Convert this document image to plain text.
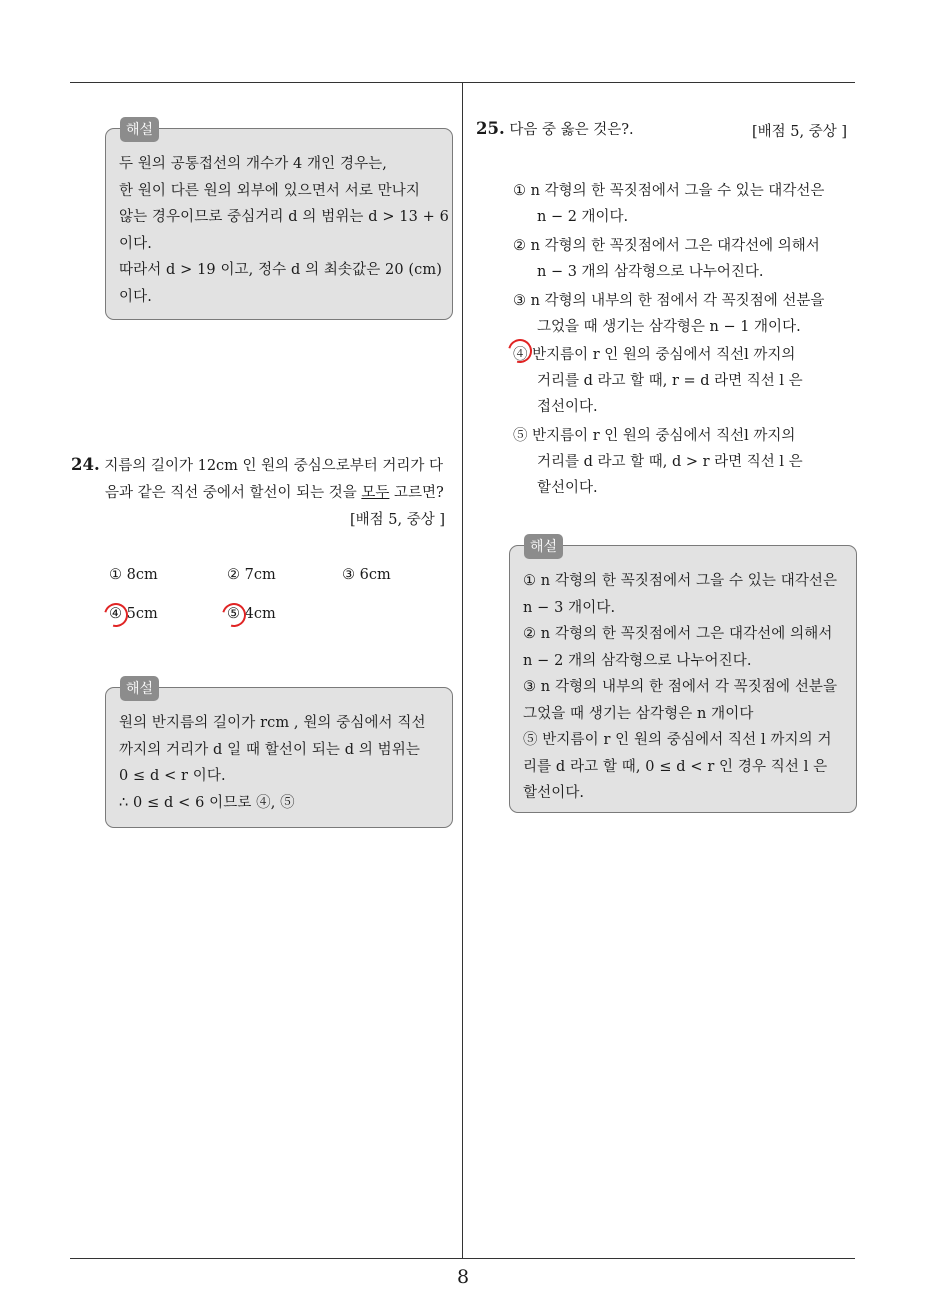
해설
두 원의 공통접선의 개수가 4 개인 경우는,
한 원이 다른 원의 외부에 있으면서 서로 만나지
않는 경우이므로 중심거리 d 의 범위는 d > 13 + 6
이다.
따라서 d > 19 이고, 정수 d 의 최솟값은 20 (cm)
이다.
24. 지름의 길이가 12cm 인 원의 중심으로부터 거리가 다
음과 같은 직선 중에서 할선이 되는 것을 모두 고르면?
[배점 5, 중상 ]
① 8cm	② 7cm	③ 6cm
④ 5cm	⑤ 4cm
해설
원의 반지름의 길이가 rcm , 원의 중심에서 직선
까지의 거리가 d 일 때 할선이 되는 d 의 범위는
0 ≤ d < r 이다.
∴ 0 ≤ d < 6 이므로 ④, ⑤
25. 다음 중 옳은 것은?.	[배점 5, 중상 ]
① n 각형의 한 꼭짓점에서 그을 수 있는 대각선은
n − 2 개이다.
② n 각형의 한 꼭짓점에서 그은 대각선에 의해서
n − 3 개의 삼각형으로 나누어진다.
③ n 각형의 내부의 한 점에서 각 꼭짓점에 선분을
그었을 때 생기는 삼각형은 n − 1 개이다.
④ 반지름이 r 인 원의 중심에서 직선l 까지의
거리를 d 라고 할 때, r = d 라면 직선 l 은
접선이다.
⑤ 반지름이 r 인 원의 중심에서 직선l 까지의
거리를 d 라고 할 때, d > r 라면 직선 l 은
할선이다.
해설
① n 각형의 한 꼭짓점에서 그을 수 있는 대각선은
n − 3 개이다.
② n 각형의 한 꼭짓점에서 그은 대각선에 의해서
n − 2 개의 삼각형으로 나누어진다.
③ n 각형의 내부의 한 점에서 각 꼭짓점에 선분을
그었을 때 생기는 삼각형은 n 개이다
⑤ 반지름이 r 인 원의 중심에서 직선 l 까지의 거
리를 d 라고 할 때, 0 ≤ d < r 인 경우 직선 l 은
할선이다.
8
